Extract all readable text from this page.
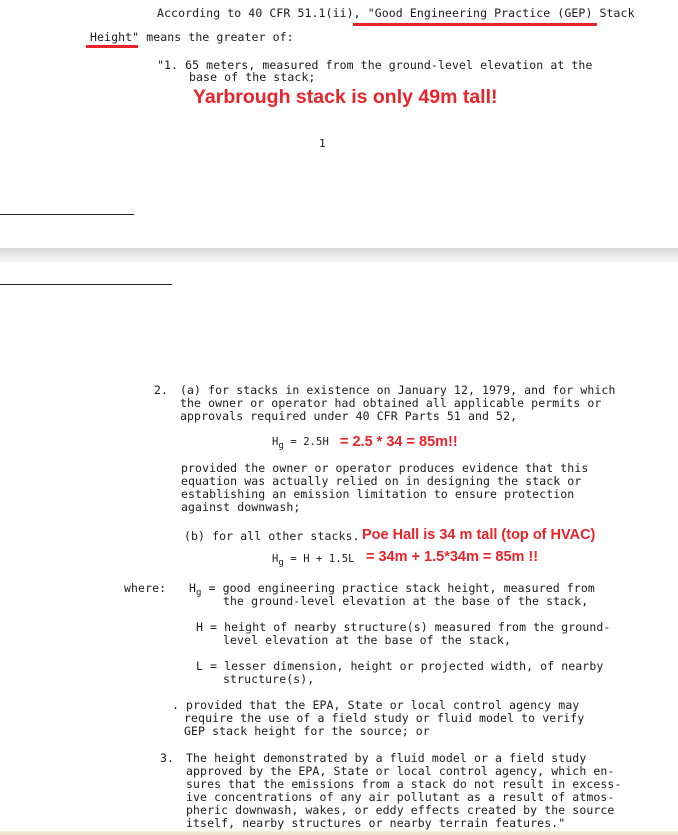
According to 40 CFR 51.1(ii), "Good Engineering Practice (GEP) Stack
Height" means the greater of:
"1. 65 meters, measured from the ground-level elevation at the
base of the stack;
Yarbrough stack is only 49m tall!
1
2. (a) for stacks in existence on January 12, 1979, and for which
the owner or operator had obtained all applicable permits or
approvals required under 40 CFR Parts 51 and 52,
Hg = 2.5H = 2.5 * 34 = 85m!!
provided the owner or operator produces evidence that this
equation was actually relied on in designing the stack or
establishing an emission limitation to ensure protection
against downwash;
(b) for all other stacks. Poe Hall is 34 m tall (top of HVAC)
Hg = H + 1.5L = 34m + 1.5*34m = 85m !!
where: $H_g$ = good engineering practice stack height, measured from
the ground-level elevation at the base of the stack,
H = height of nearby structure(s) measured from the ground-
level elevation at the base of the stack,
L = lesser dimension, height or projected width, of nearby
structure(s),
. provided that the EPA, State or local control agency may
require the use of a field study or fluid model to verify
GEP stack height for the source; or
3. The height demonstrated by a fluid model or a field study
approved by the EPA, State or local control agency, which en-
sures that the emissions from a stack do not result in excess-
ive concentrations of any air pollutant as a result of atmos-
pheric downwash, wakes, or eddy effects created by the source
itself, nearby structures or nearby terrain features."
